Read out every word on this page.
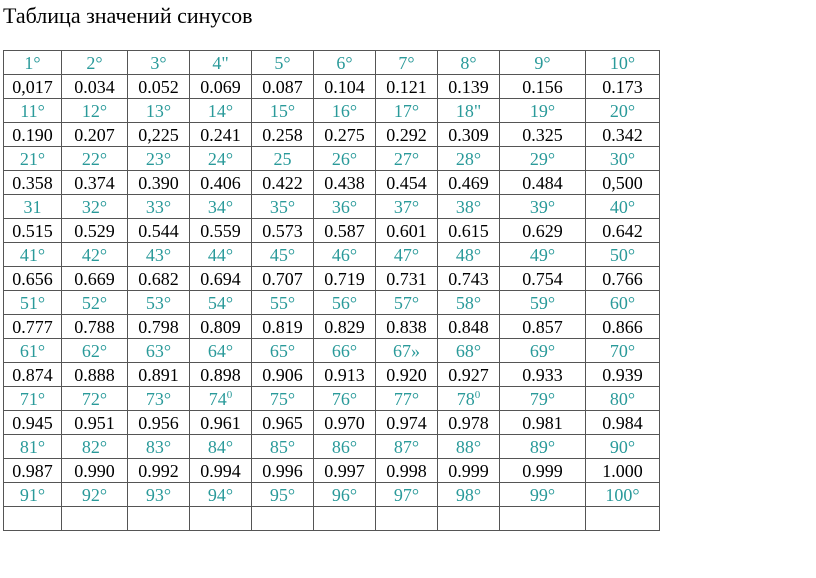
Таблица значений синусов
1°	2°	3°	4"	5°	6°	7°	8°	9°	10°
0,017	0.034	0.052	0.069	0.087	0.104	0.121	0.139	0.156	0.173
11°	12°	13°	14°	15°	16°	17°	18"	19°	20°
0.190	0.207	0,225	0.241	0.258	0.275	0.292	0.309	0.325	0.342
21°	22°	23°	24°	25	26°	27°	28°	29°	30°
0.358	0.374	0.390	0.406	0.422	0.438	0.454	0.469	0.484	0,500
31	32°	33°	34°	35°	36°	37°	38°	39°	40°
0.515	0.529	0.544	0.559	0.573	0.587	0.601	0.615	0.629	0.642
41°	42°	43°	44°	45°	46°	47°	48°	49°	50°
0.656	0.669	0.682	0.694	0.707	0.719	0.731	0.743	0.754	0.766
51°	52°	53°	54°	55°	56°	57°	58°	59°	60°
0.777	0.788	0.798	0.809	0.819	0.829	0.838	0.848	0.857	0.866
61°	62°	63°	64°	65°	66°	67»	68°	69°	70°
0.874	0.888	0.891	0.898	0.906	0.913	0.920	0.927	0.933	0.939
71°	72°	73°	$74^0$	75°	76°	77°	$78^0$	79°	80°
0.945	0.951	0.956	0.961	0.965	0.970	0.974	0.978	0.981	0.984
81°	82°	83°	84°	85°	86°	87°	88°	89°	90°
0.987	0.990	0.992	0.994	0.996	0.997	0.998	0.999	0.999	1.000
91°	92°	93°	94°	95°	96°	97°	98°	99°	100°
